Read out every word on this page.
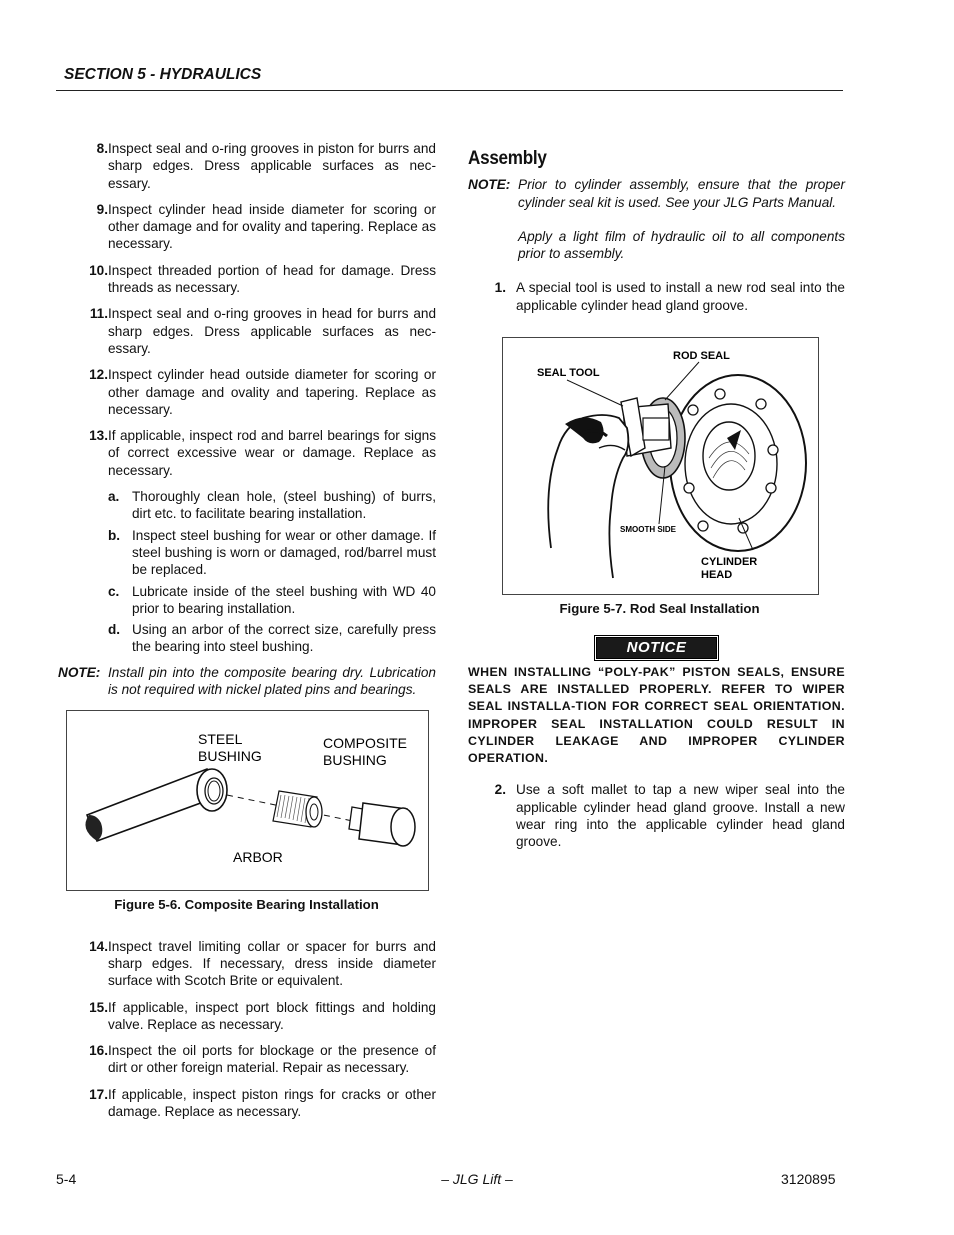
SECTION 5 - HYDRAULICS
8. Inspect seal and o-ring grooves in piston for burrs and sharp edges. Dress applicable surfaces as nec-essary.
9. Inspect cylinder head inside diameter for scoring or other damage and for ovality and tapering. Replace as necessary.
10. Inspect threaded portion of head for damage. Dress threads as necessary.
11. Inspect seal and o-ring grooves in head for burrs and sharp edges. Dress applicable surfaces as nec-essary.
12. Inspect cylinder head outside diameter for scoring or other damage and ovality and tapering. Replace as necessary.
13. If applicable, inspect rod and barrel bearings for signs of correct excessive wear or damage. Replace as necessary.
a. Thoroughly clean hole, (steel bushing) of burrs, dirt etc. to facilitate bearing installation.
b. Inspect steel bushing for wear or other damage. If steel bushing is worn or damaged, rod/barrel must be replaced.
c. Lubricate inside of the steel bushing with WD 40 prior to bearing installation.
d. Using an arbor of the correct size, carefully press the bearing into steel bushing.
NOTE: Install pin into the composite bearing dry. Lubrication is not required with nickel plated pins and bearings.
STEEL
BUSHING
COMPOSITE
BUSHING
ARBOR
Figure 5-6. Composite Bearing Installation
14. Inspect travel limiting collar or spacer for burrs and sharp edges. If necessary, dress inside diameter surface with Scotch Brite or equivalent.
15. If applicable, inspect port block fittings and holding valve. Replace as necessary.
16. Inspect the oil ports for blockage or the presence of dirt or other foreign material. Repair as necessary.
17. If applicable, inspect piston rings for cracks or other damage. Replace as necessary.
Assembly
NOTE: Prior to cylinder assembly, ensure that the proper cylinder seal kit is used. See your JLG Parts Manual.
Apply a light film of hydraulic oil to all components prior to assembly.
1. A special tool is used to install a new rod seal into the applicable cylinder head gland groove.
ROD SEAL
SEAL TOOL
SMOOTH SIDE
CYLINDER
HEAD
Figure 5-7. Rod Seal Installation
NOTICE
WHEN INSTALLING “POLY-PAK” PISTON SEALS, ENSURE SEALS ARE INSTALLED PROPERLY. REFER TO WIPER SEAL INSTALLA-TION FOR CORRECT SEAL ORIENTATION. IMPROPER SEAL INSTALLATION COULD RESULT IN CYLINDER LEAKAGE AND IMPROPER CYLINDER OPERATION.
2. Use a soft mallet to tap a new wiper seal into the applicable cylinder head gland groove. Install a new wear ring into the applicable cylinder head gland groove.
5-4	– JLG Lift –	3120895
